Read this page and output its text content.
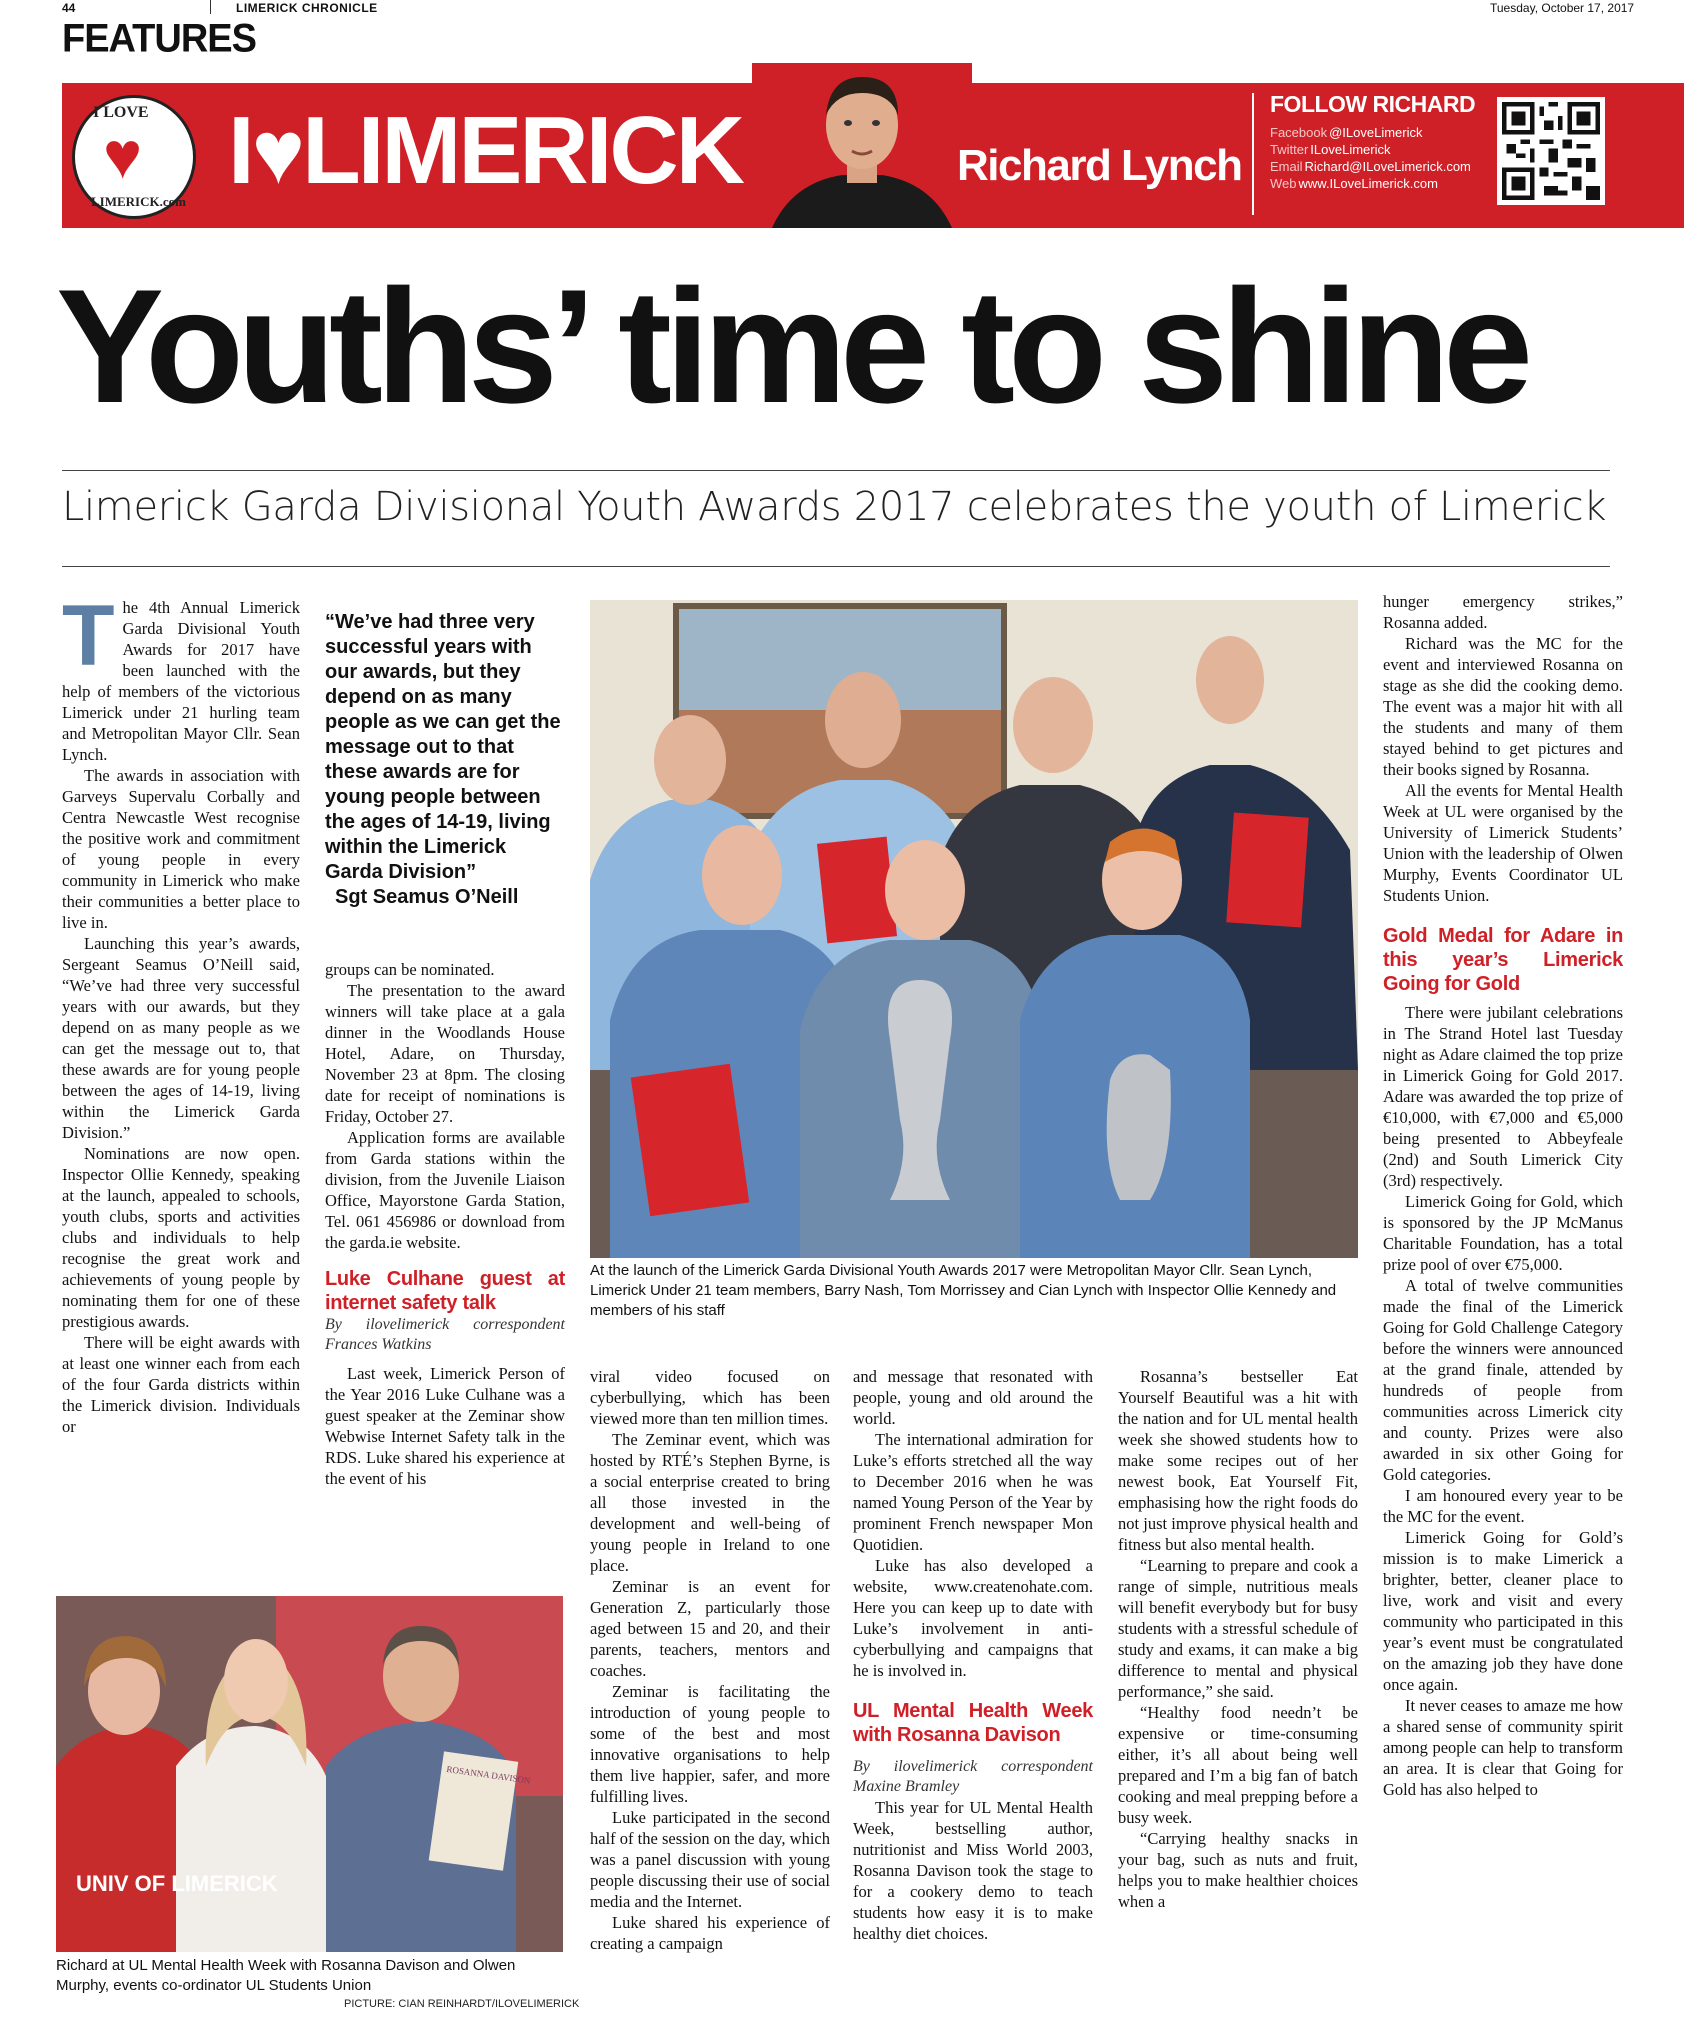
44	LIMERICK CHRONICLE	Tuesday, October 17, 2017
FEATURES
I LOVE
♥
LIMERICK.com I♥LIMERICK	Richard Lynch
FOLLOW RICHARD
Facebook @ILoveLimerick
Twitter ILoveLimerick
Email Richard@ILoveLimerick.com
Web www.ILoveLimerick.com
Youths’ time to shine
Limerick Garda Divisional Youth Awards 2017 celebrates the youth of Limerick

The 4th Annual Limerick Garda Divisional Youth Awards for 2017 have been launched with the help of members of the victorious Limerick under 21 hurling team and Metropolitan Mayor Cllr. Sean Lynch.

The awards in association with Garveys Supervalu Corbally and Centra Newcastle West recognise the positive work and commitment of young people in every community in Limerick who make their communities a better place to live in.

Launching this year’s awards, Sergeant Seamus O’Neill said, “We’ve had three very successful years with our awards, but they depend on as many people as we can get the message out to, that these awards are for young people between the ages of 14-19, living within the Limerick Garda Division.”

Nominations are now open. Inspector Ollie Kennedy, speaking at the launch, appealed to schools, youth clubs, sports and activities clubs and individuals to help recognise the great work and achievements of young people by nominating them for one of these prestigious awards.

There will be eight awards with at least one winner each from each of the four Garda districts within the Limerick division. Individuals or

“We’ve had three very successful years with our awards, but they depend on as many people as we can get the message out to that these awards are for young people between the ages of 14-19, living within the Limerick Garda Division”
Sgt Seamus O’Neill

groups can be nominated.

The presentation to the award winners will take place at a gala dinner in the Woodlands House Hotel, Adare, on Thursday, November 23 at 8pm. The closing date for receipt of nominations is Friday, October 27.

Application forms are available from Garda stations within the division, from the Juvenile Liaison Office, Mayorstone Garda Station, Tel. 061 456986 or download from the garda.ie website.

Luke Culhane guest at internet safety talk
By ilovelimerick correspondent Frances Watkins

Last week, Limerick Person of the Year 2016 Luke Culhane was a guest speaker at the Zeminar show Webwise Internet Safety talk in the RDS. Luke shared his experience at the event of his

At the launch of the Limerick Garda Divisional Youth Awards 2017 were Metropolitan Mayor Cllr. Sean Lynch, Limerick Under 21 team members, Barry Nash, Tom Morrissey and Cian Lynch with Inspector Ollie Kennedy and members of his staff
ROSANNA DAVISON
UNIV OF LIMERICK
Richard at UL Mental Health Week with Rosanna Davison and Olwen Murphy, events co-ordinator UL Students Union
PICTURE: CIAN REINHARDT/ILOVELIMERICK

viral video focused on cyberbullying, which has been viewed more than ten million times.

The Zeminar event, which was hosted by RTÉ’s Stephen Byrne, is a social enterprise created to bring all those invested in the development and well-being of young people in Ireland to one place.

Zeminar is an event for Generation Z, particularly those aged between 15 and 20, and their parents, teachers, mentors and coaches.

Zeminar is facilitating the introduction of young people to some of the best and most innovative organisations to help them live happier, safer, and more fulfilling lives.

Luke participated in the second half of the session on the day, which was a panel discussion with young people discussing their use of social media and the Internet.

Luke shared his experience of creating a campaign

and message that resonated with people, young and old around the world.

The international admiration for Luke’s efforts stretched all the way to December 2016 when he was named Young Person of the Year by prominent French newspaper Mon Quotidien.

Luke has also developed a website, www.createnohate.com. Here you can keep up to date with Luke’s involvement in anti-cyberbullying and campaigns that he is involved in.

UL Mental Health Week with Rosanna Davison
By ilovelimerick correspondent Maxine Bramley

This year for UL Mental Health Week, bestselling author, nutritionist and Miss World 2003, Rosanna Davison took the stage to for a cookery demo to teach students how easy it is to make healthy diet choices.

Rosanna’s bestseller Eat Yourself Beautiful was a hit with the nation and for UL mental health week she showed students how to make some recipes out of her newest book, Eat Yourself Fit, emphasising how the right foods do not just improve physical health and fitness but also mental health.

“Learning to prepare and cook a range of simple, nutritious meals will benefit everybody but for busy students with a stressful schedule of study and exams, it can make a big difference to mental and physical performance,” she said.

“Healthy food needn’t be expensive or time-consuming either, it’s all about being well prepared and I’m a big fan of batch cooking and meal prepping before a busy week.

“Carrying healthy snacks in your bag, such as nuts and fruit, helps you to make healthier choices when a

hunger emergency strikes,” Rosanna added.

Richard was the MC for the event and interviewed Rosanna on stage as she did the cooking demo. The event was a major hit with all the students and many of them stayed behind to get pictures and their books signed by Rosanna.

All the events for Mental Health Week at UL were organised by the University of Limerick Students’ Union with the leadership of Olwen Murphy, Events Coordinator UL Students Union.

Gold Medal for Adare in this year’s Limerick Going for Gold

There were jubilant celebrations in The Strand Hotel last Tuesday night as Adare claimed the top prize in Limerick Going for Gold 2017. Adare was awarded the top prize of €10,000, with €7,000 and €5,000 being presented to Abbeyfeale (2nd) and South Limerick City (3rd) respectively.

Limerick Going for Gold, which is sponsored by the JP McManus Charitable Foundation, has a total prize pool of over €75,000.

A total of twelve communities made the final of the Limerick Going for Gold Challenge Category before the winners were announced at the grand finale, attended by hundreds of people from communities across Limerick city and county. Prizes were also awarded in six other Going for Gold categories.

I am honoured every year to be the MC for the event.

Limerick Going for Gold’s mission is to make Limerick a brighter, better, cleaner place to live, work and visit and every community who participated in this year’s event must be congratulated on the amazing job they have done once again.

It never ceases to amaze me how a shared sense of community spirit among people can help to transform an area. It is clear that Going for Gold has also helped to
